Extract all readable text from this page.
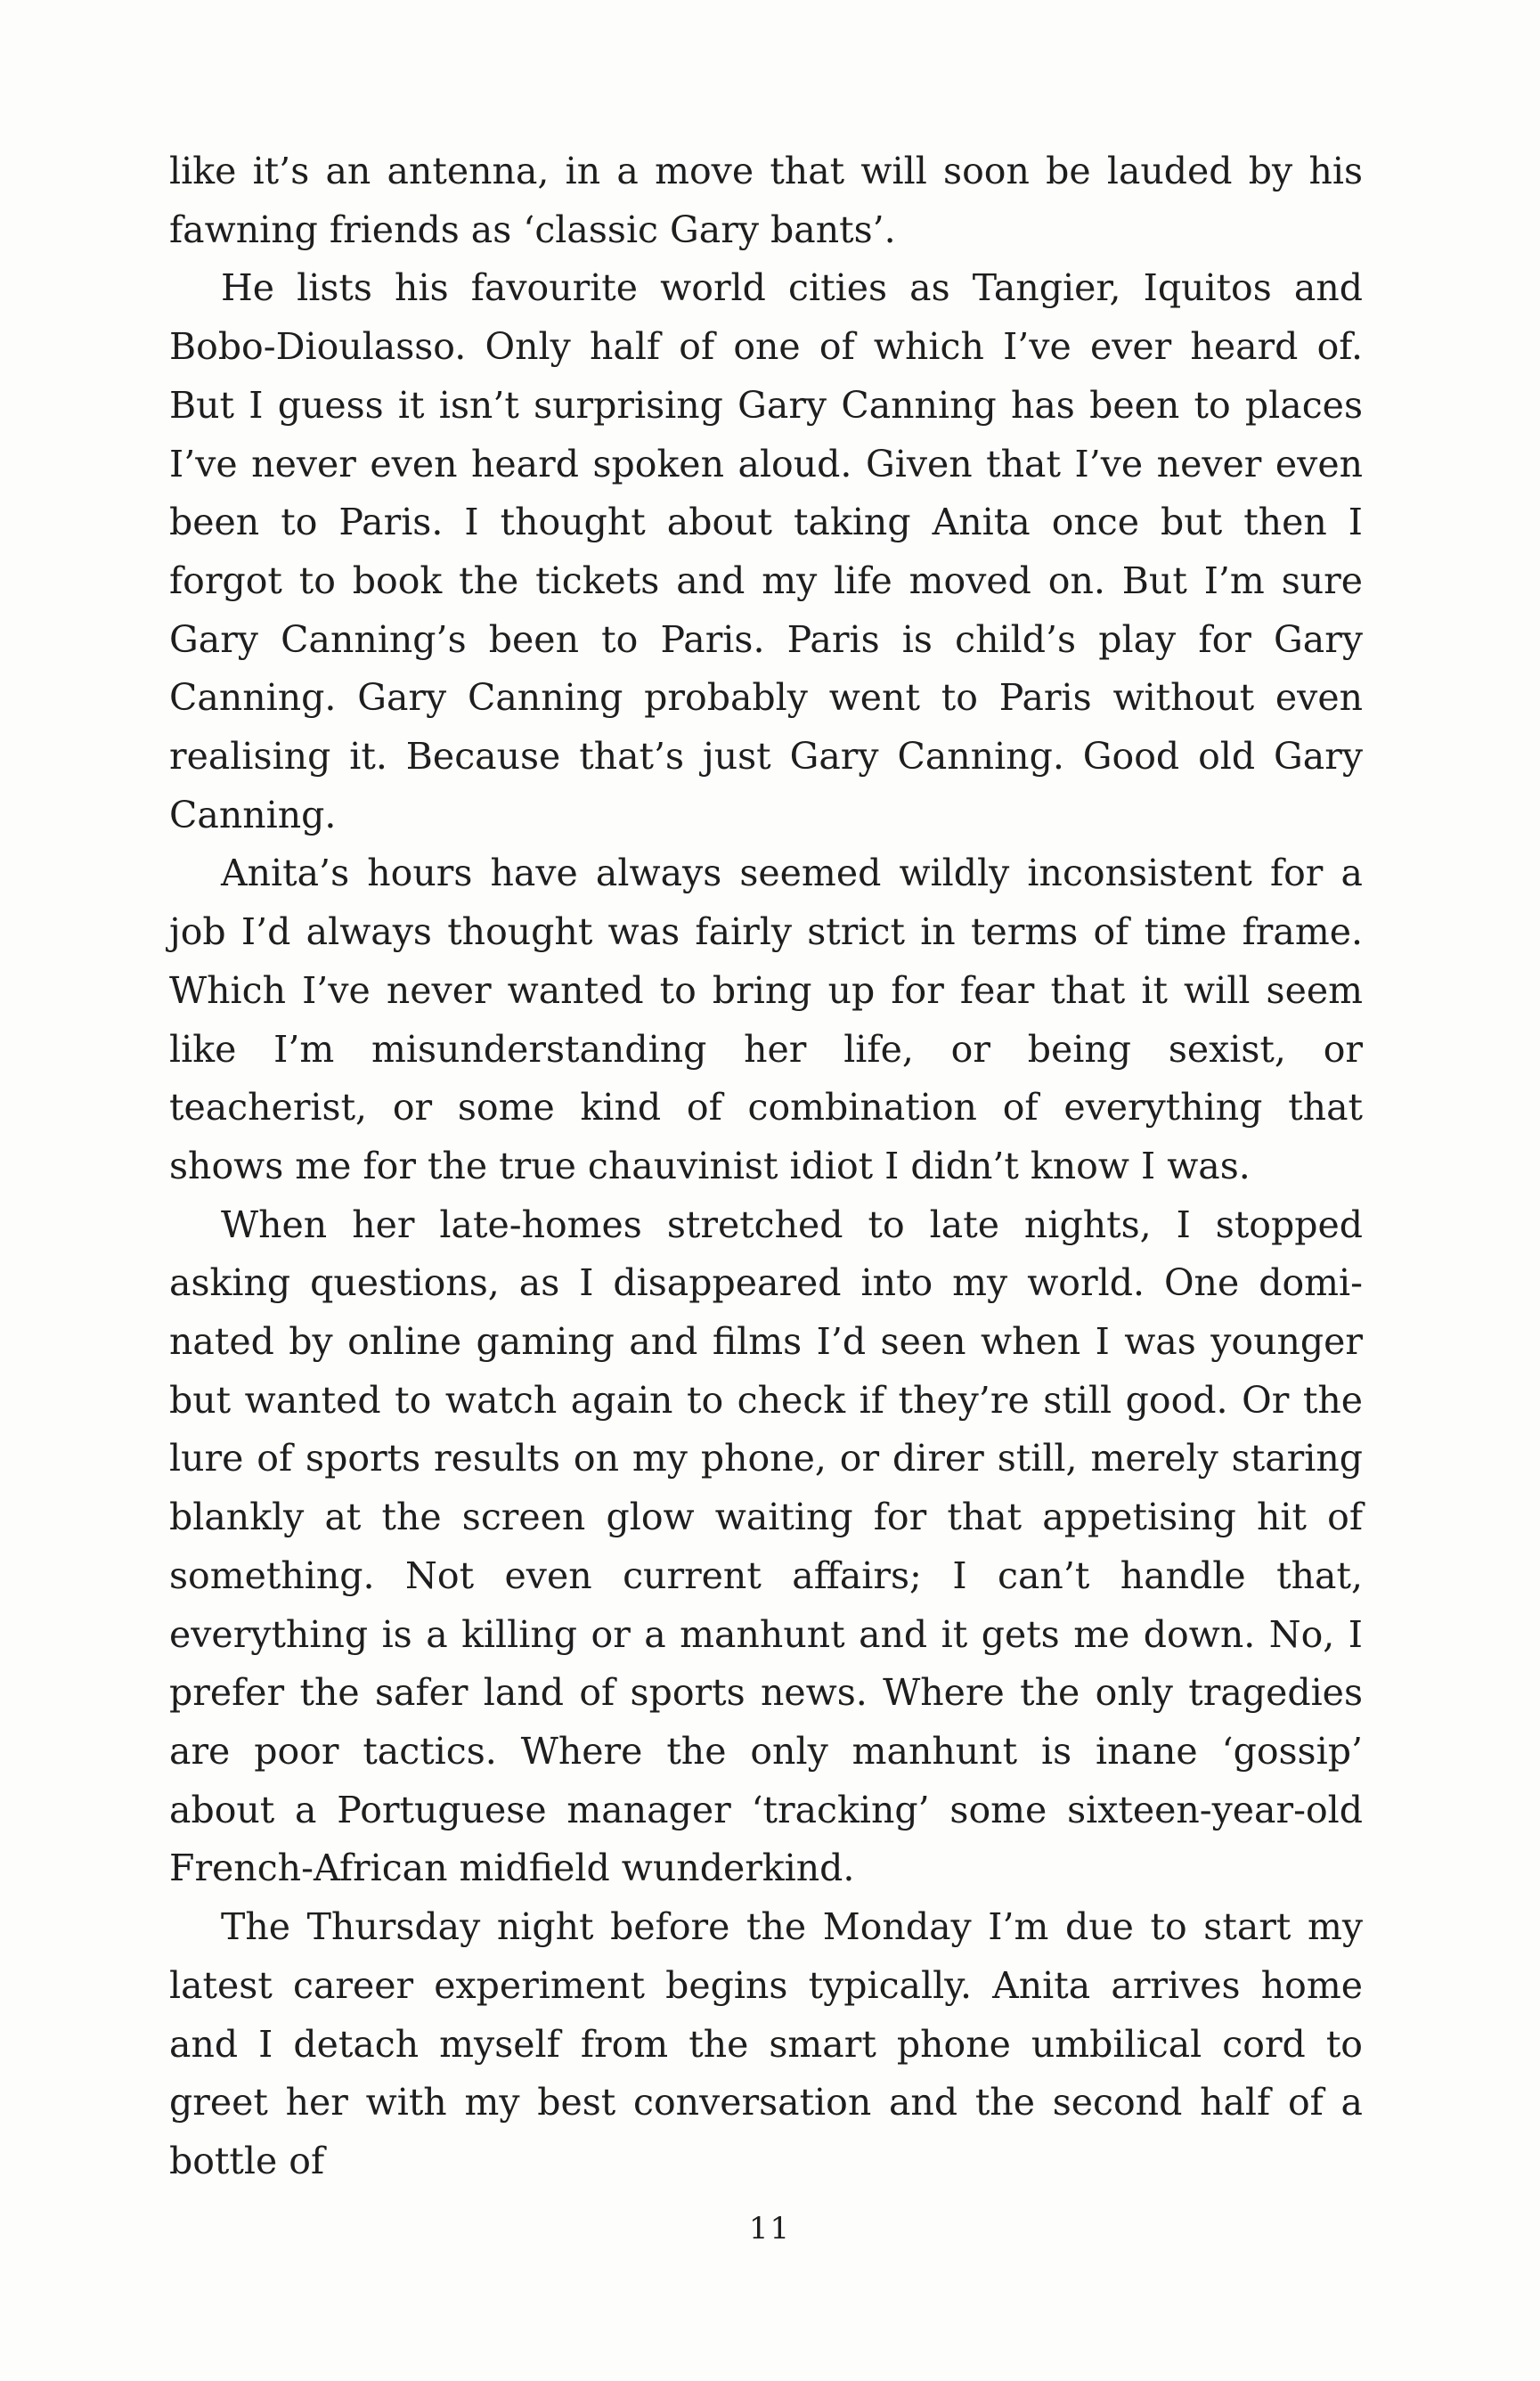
like it’s an antenna, in a move that will soon be lauded by his fawning friends as ‘classic Gary bants’.

He lists his favourite world cities as Tangier, Iquitos and Bobo-Dioulasso. Only half of one of which I’ve ever heard of. But I guess it isn’t surprising Gary Canning has been to places I’ve never even heard spoken aloud. Given that I’ve never even been to Paris. I thought about taking Anita once but then I forgot to book the tickets and my life moved on. But I’m sure Gary Canning’s been to Paris. Paris is child’s play for Gary Canning. Gary Canning probably went to Paris without even realising it. Because that’s just Gary Canning. Good old Gary Canning.

Anita’s hours have always seemed wildly inconsistent for a job I’d always thought was fairly strict in terms of time frame. Which I’ve never wanted to bring up for fear that it will seem like I’m misunderstanding her life, or being sexist, or teacherist, or some kind of combination of everything that shows me for the true chauvinist idiot I didn’t know I was.

When her late-homes stretched to late nights, I stopped asking questions, as I disappeared into my world. One dominated by online gaming and films I’d seen when I was younger but wanted to watch again to check if they’re still good. Or the lure of sports results on my phone, or direr still, merely staring blankly at the screen glow waiting for that appetising hit of something. Not even current affairs; I can’t handle that, everything is a killing or a manhunt and it gets me down. No, I prefer the safer land of sports news. Where the only tragedies are poor tactics. Where the only manhunt is inane ‘gossip’ about a Portuguese manager ‘tracking’ some sixteen-year-old French-African midfield wunderkind.

The Thursday night before the Monday I’m due to start my latest career experiment begins typically. Anita arrives home and I detach myself from the smart phone umbilical cord to greet her with my best conversation and the second half of a bottle of

11
